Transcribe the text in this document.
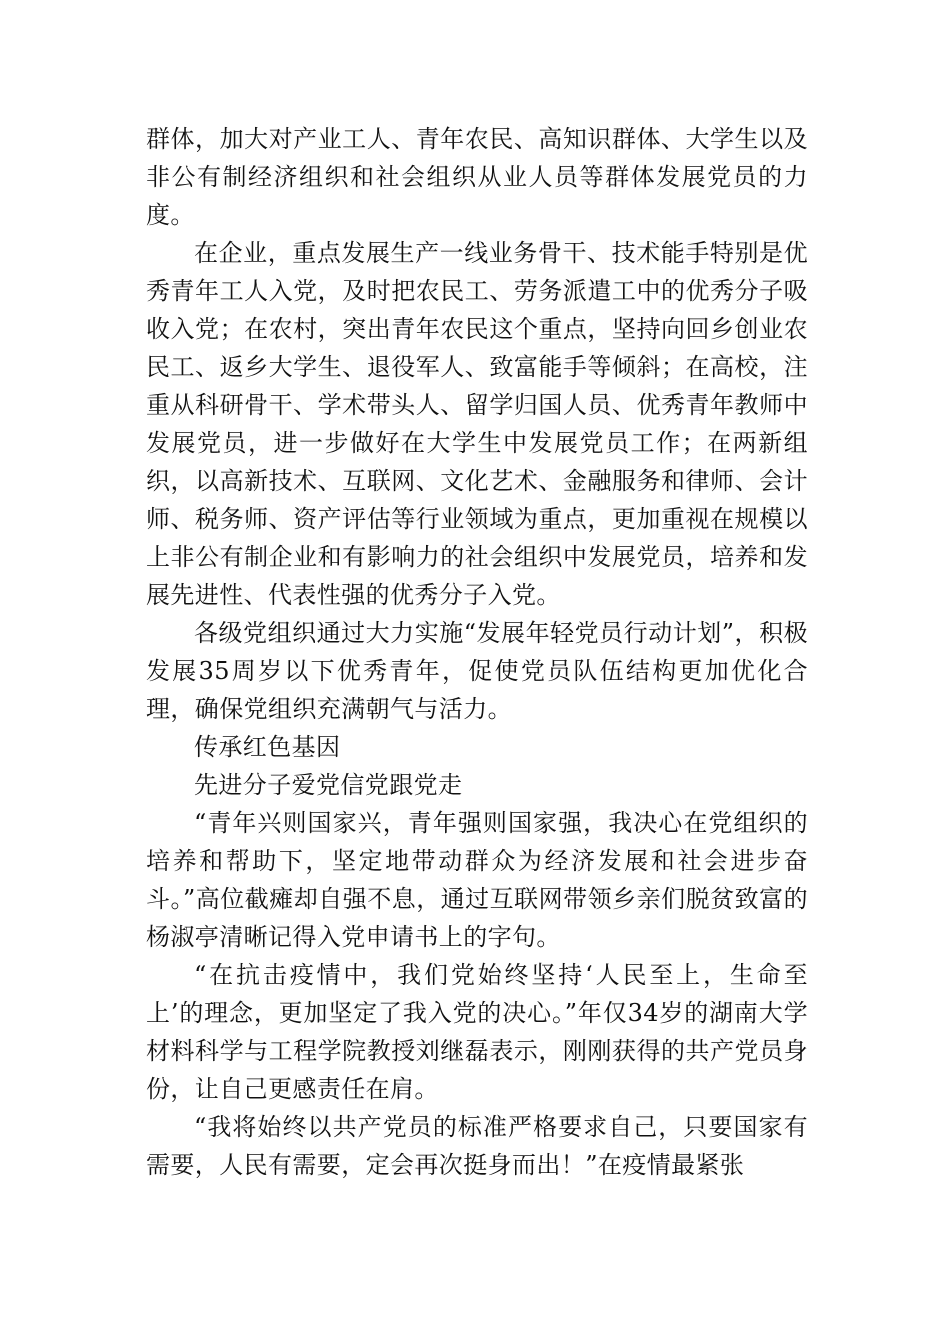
群体，加大对产业工人、青年农民、高知识群体、大学生以及非公有制经济组织和社会组织从业人员等群体发展党员的力度。

在企业，重点发展生产一线业务骨干、技术能手特别是优秀青年工人入党，及时把农民工、劳务派遣工中的优秀分子吸收入党；在农村，突出青年农民这个重点，坚持向回乡创业农民工、返乡大学生、退役军人、致富能手等倾斜；在高校，注重从科研骨干、学术带头人、留学归国人员、优秀青年教师中发展党员，进一步做好在大学生中发展党员工作；在两新组织，以高新技术、互联网、文化艺术、金融服务和律师、会计师、税务师、资产评估等行业领域为重点，更加重视在规模以上非公有制企业和有影响力的社会组织中发展党员，培养和发展先进性、代表性强的优秀分子入党。

各级党组织通过大力实施“发展年轻党员行动计划”，积极发展35周岁以下优秀青年，促使党员队伍结构更加优化合理，确保党组织充满朝气与活力。

传承红色基因

先进分子爱党信党跟党走

“青年兴则国家兴，青年强则国家强，我决心在党组织的培养和帮助下，坚定地带动群众为经济发展和社会进步奋斗。”高位截瘫却自强不息，通过互联网带领乡亲们脱贫致富的杨淑亭清晰记得入党申请书上的字句。

“在抗击疫情中，我们党始终坚持‘人民至上，生命至上’的理念，更加坚定了我入党的决心。”年仅34岁的湖南大学材料科学与工程学院教授刘继磊表示，刚刚获得的共产党员身份，让自己更感责任在肩。

“我将始终以共产党员的标准严格要求自己，只要国家有需要，人民有需要，定会再次挺身而出！”在疫情最紧张
